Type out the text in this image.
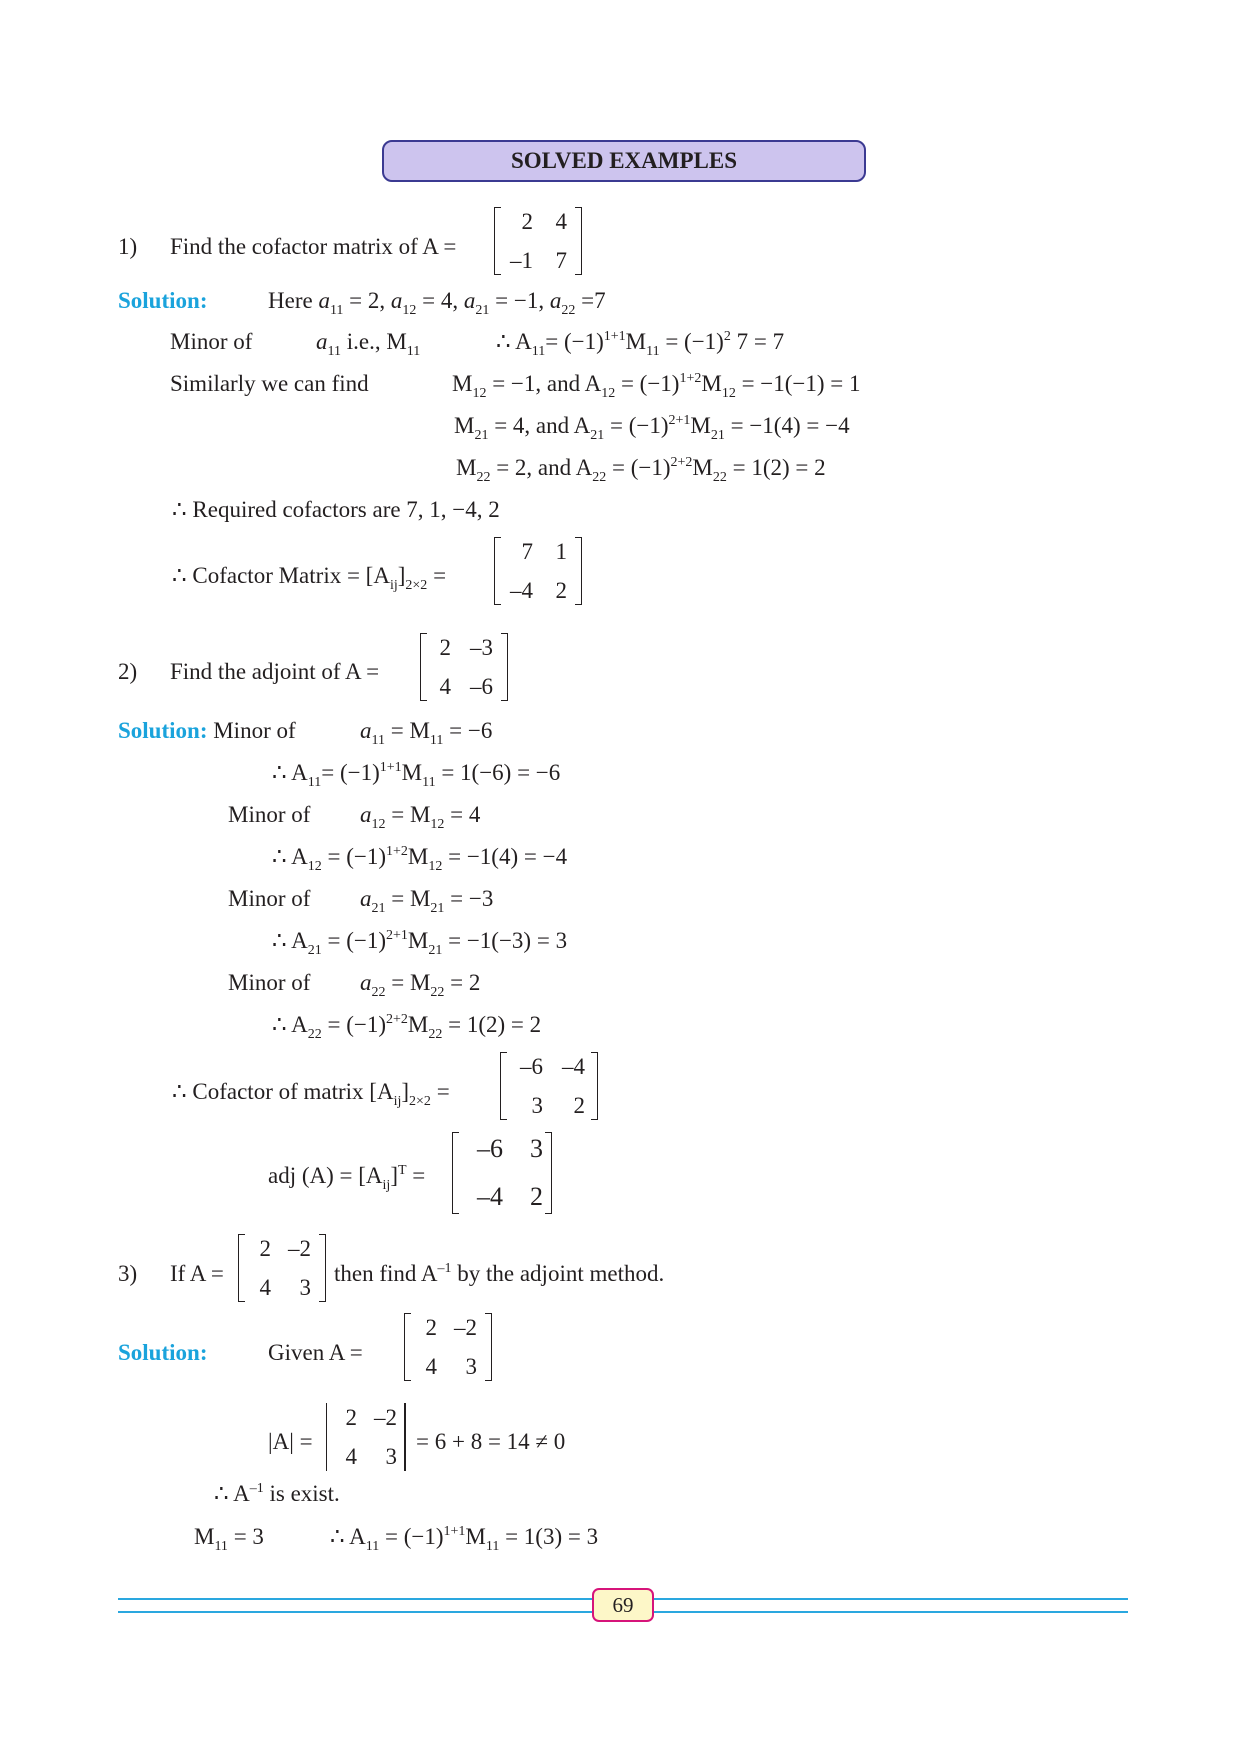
SOLVED EXAMPLES
1) Find the cofactor matrix of A =
2 4
–1 7
Solution:	Here $a_{11} = 2$, $a_{12} = 4$, $a_{21} = -1$, $a_{22} =7$
Minor of	$a_{11}$ i.e., $M_{11}$	∴ $A_{11}= (-1)^{1+1}M_{11} = (-1)^2$ 7 = 7
Similarly we can find	$M_{12} = -1$, and $A_{12} = (-1)^{1+2}M_{12} = -1(-1) = 1$
$M_{21} = 4$, and $A_{21} = (-1)^{2+1}M_{21} = -1(4) = -4$
$M_{22} = 2$, and $A_{22} = (-1)^{2+2}M_{22} = 1(2) = 2$
∴ Required cofactors are 7, 1, −4, 2
∴ Cofactor Matrix = $[A_{ij}]_{2\times 2}$ =
7 1
–4 2
2) Find the adjoint of A =
2 –3
4 –6
Solution: Minor of	$a_{11} = M_{11} = -6$
∴ $A_{11}= (-1)^{1+1}M_{11} = 1(-6) = -6$
Minor of $a_{12} = M_{12} = 4$
∴ $A_{12} = (-1)^{1+2}M_{12} = -1(4) = -4$
Minor of $a_{21} = M_{21} = -3$
∴ $A_{21} = (-1)^{2+1}M_{21} = -1(-3) = 3$
Minor of $a_{22} = M_{22} = 2$
∴ $A_{22} = (-1)^{2+2}M_{22} = 1(2) = 2$
∴ Cofactor of matrix $[A_{ij}]_{2\times 2}$ =
–6 –4
3	2
adj $(A) = [A_{ij}]^T$ =
–6	3
–4	2
3) If A =
2 –2
4	3
then find $A^{-1}$ by the adjoint method.
Solution:	Given A =
2 –2
4	3
|A| =
2 –2
4	3
= 6 + 8 = 14 ≠ 0
∴ $A^{-1}$ is exist.
$M_{11} = 3$	∴ $A_{11} = (-1)^{1+1}M_{11} = 1(3) = 3$
69
